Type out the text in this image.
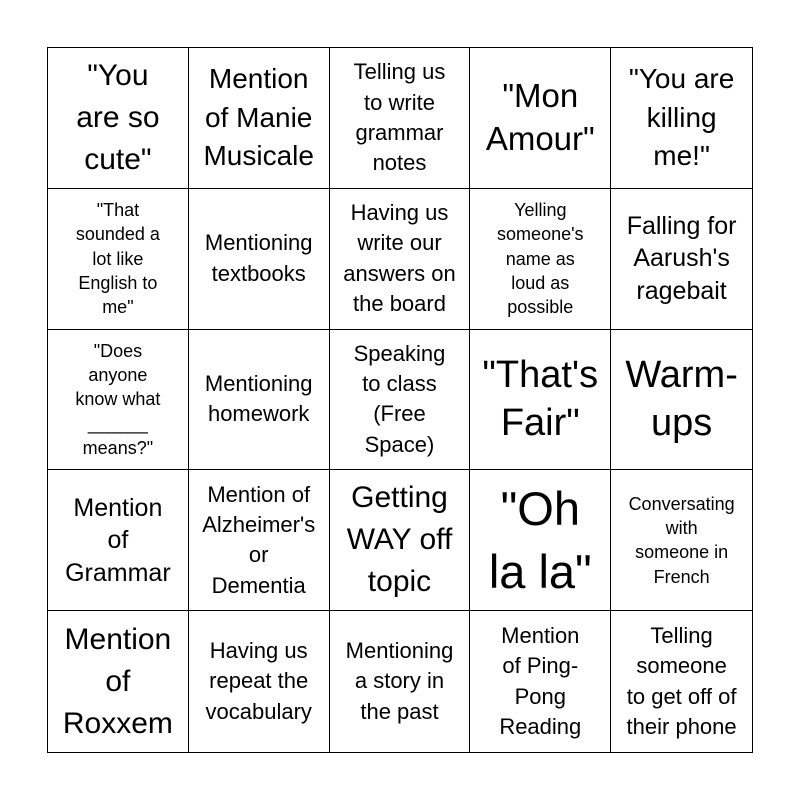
"You
are so
cute"
Mention
of Manie
Musicale
Telling us
to write
grammar
notes
"Mon
Amour"
"You are
killing
me!"
"That
sounded a
lot like
English to
me"
Mentioning
textbooks
Having us
write our
answers on
the board
Yelling
someone's
name as
loud as
possible
Falling for
Aarush's
ragebait
"Does
anyone
know what
______
means?"
Mentioning
homework
Speaking
to class
(Free
Space)
"That's
Fair"
Warm-
ups
Mention
of
Grammar
Mention of
Alzheimer's
or
Dementia
Getting
WAY off
topic
"Oh
la la"
Conversating
with
someone in
French
Mention
of
Roxxem
Having us
repeat the
vocabulary
Mentioning
a story in
the past
Mention
of Ping-
Pong
Reading
Telling
someone
to get off of
their phone
